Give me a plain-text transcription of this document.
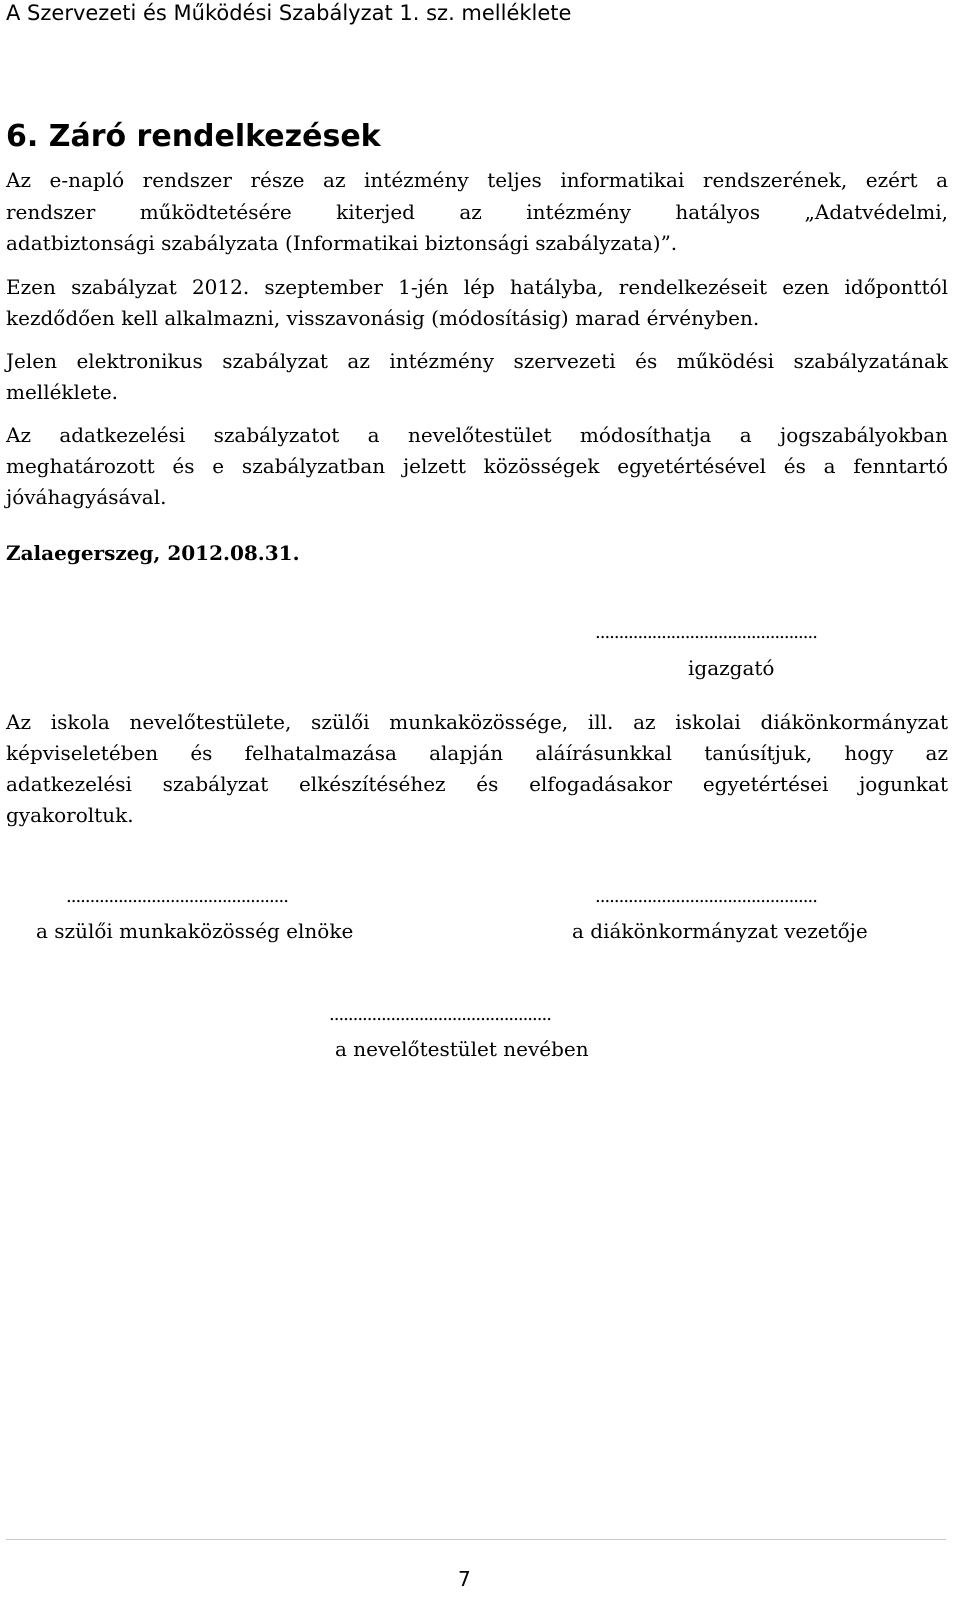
A Szervezeti és Működési Szabályzat 1. sz. melléklete
6. Záró rendelkezések
Az e-napló rendszer része az intézmény teljes informatikai rendszerének, ezért a
rendszer működtetésére kiterjed az intézmény hatályos „Adatvédelmi,
adatbiztonsági szabályzata (Informatikai biztonsági szabályzata)”.
Ezen szabályzat 2012. szeptember 1-jén lép hatályba, rendelkezéseit ezen időponttól
kezdődően kell alkalmazni, visszavonásig (módosításig) marad érvényben.
Jelen elektronikus szabályzat az intézmény szervezeti és működési szabályzatának
melléklete.
Az adatkezelési szabályzatot a nevelőtestület módosíthatja a jogszabályokban
meghatározott és e szabályzatban jelzett közösségek egyetértésével és a fenntartó
jóváhagyásával.
Zalaegerszeg, 2012.08.31.
...............................................
igazgató
Az iskola nevelőtestülete, szülői munkaközössége, ill. az iskolai diákönkormányzat
képviseletében és felhatalmazása alapján aláírásunkkal tanúsítjuk, hogy az
adatkezelési szabályzat elkészítéséhez és elfogadásakor egyetértései jogunkat
gyakoroltuk.
...............................................
a szülői munkaközösség elnöke
...............................................
a diákönkormányzat vezetője
...............................................
a nevelőtestület nevében
7
